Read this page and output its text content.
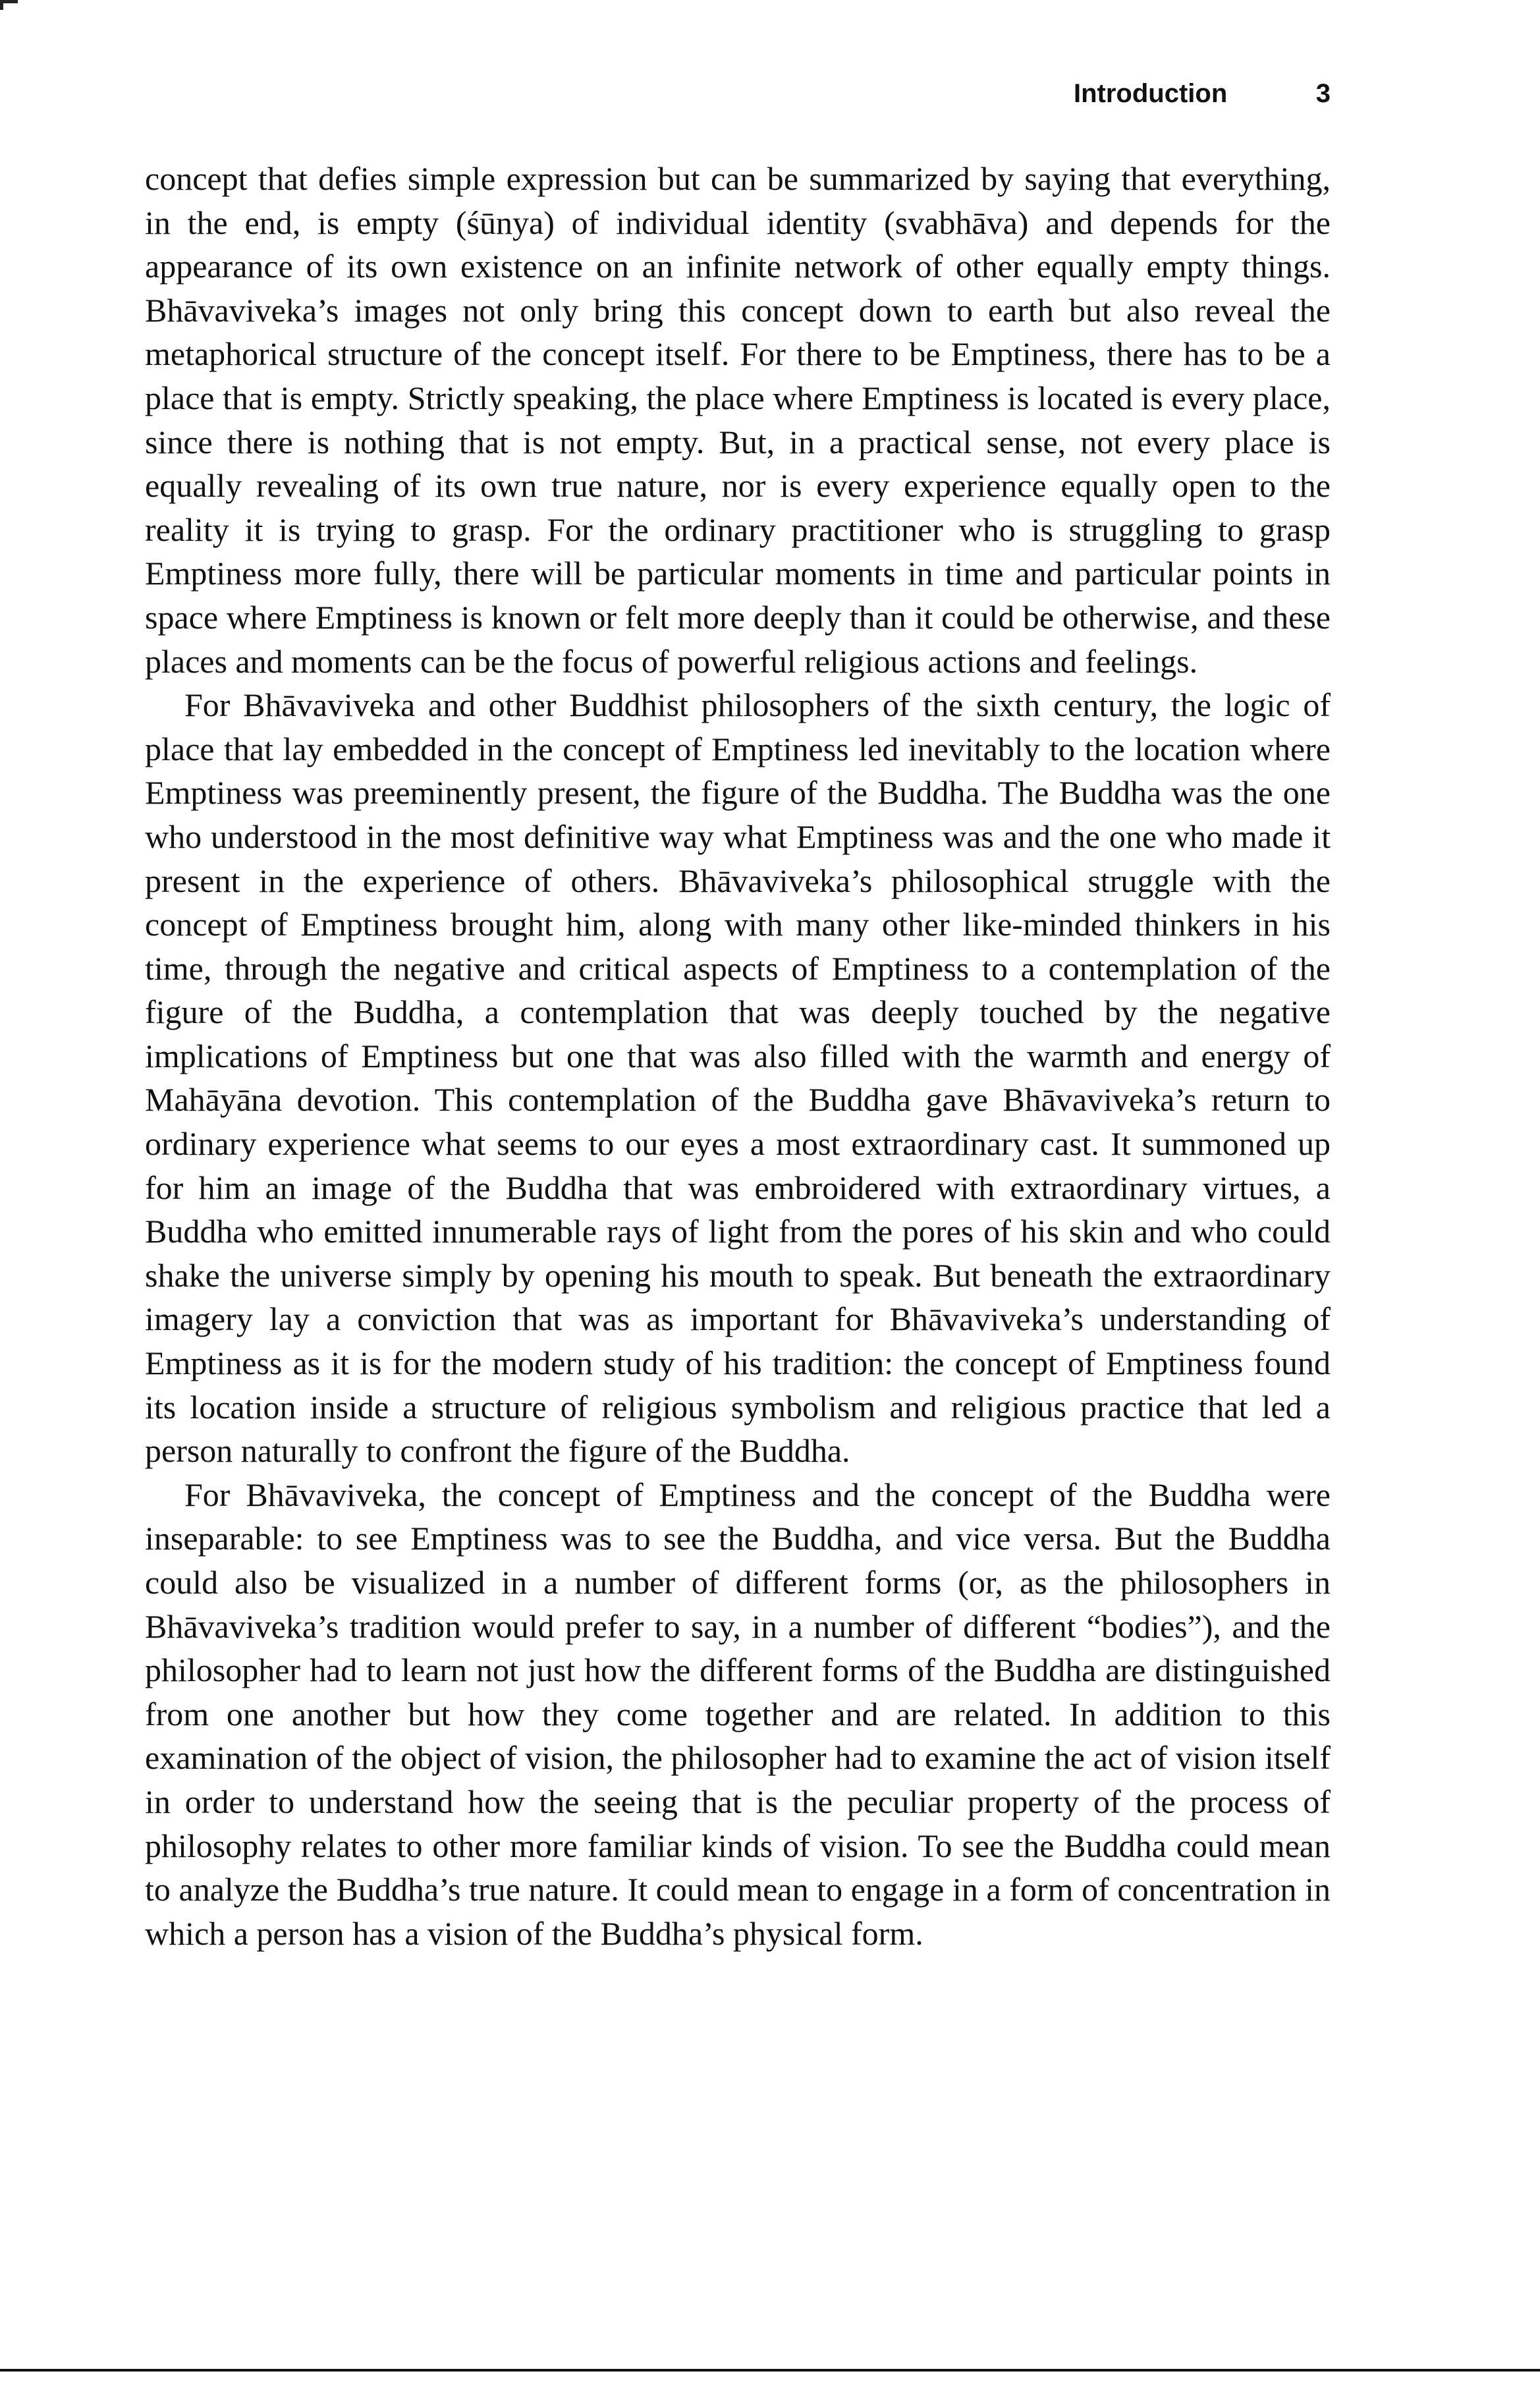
Introduction	3

concept that defies simple expression but can be summarized by saying that everything, in the end, is empty (śūnya) of individual identity (svabhāva) and depends for the appearance of its own existence on an infinite network of other equally empty things. Bhāvaviveka’s images not only bring this concept down to earth but also reveal the metaphorical structure of the concept itself. For there to be Emptiness, there has to be a place that is empty. Strictly speaking, the place where Emptiness is located is every place, since there is nothing that is not empty. But, in a practical sense, not every place is equally revealing of its own true nature, nor is every experience equally open to the reality it is trying to grasp. For the ordinary practitioner who is struggling to grasp Emptiness more fully, there will be particular moments in time and particular points in space where Emptiness is known or felt more deeply than it could be otherwise, and these places and moments can be the focus of powerful religious actions and feelings.

For Bhāvaviveka and other Buddhist philosophers of the sixth century, the logic of place that lay embedded in the concept of Emptiness led inevitably to the location where Emptiness was preeminently present, the figure of the Buddha. The Buddha was the one who understood in the most definitive way what Emptiness was and the one who made it present in the experience of others. Bhāvaviveka’s philosophical struggle with the concept of Emptiness brought him, along with many other like-minded thinkers in his time, through the negative and critical aspects of Emptiness to a contemplation of the figure of the Buddha, a contemplation that was deeply touched by the negative implications of Emptiness but one that was also filled with the warmth and energy of Mahāyāna devotion. This contemplation of the Buddha gave Bhāvaviveka’s return to ordinary experience what seems to our eyes a most extraordinary cast. It summoned up for him an image of the Buddha that was embroidered with extraordinary virtues, a Buddha who emitted innumerable rays of light from the pores of his skin and who could shake the universe simply by opening his mouth to speak. But beneath the extraordinary imagery lay a conviction that was as important for Bhāvaviveka’s understanding of Emptiness as it is for the modern study of his tradition: the concept of Emptiness found its location inside a structure of religious symbolism and religious practice that led a person naturally to confront the figure of the Buddha.

For Bhāvaviveka, the concept of Emptiness and the concept of the Buddha were inseparable: to see Emptiness was to see the Buddha, and vice versa. But the Buddha could also be visualized in a number of different forms (or, as the philosophers in Bhāvaviveka’s tradition would prefer to say, in a number of different “bodies”), and the philosopher had to learn not just how the different forms of the Buddha are distinguished from one another but how they come together and are related. In addition to this examination of the object of vision, the philosopher had to examine the act of vision itself in order to understand how the seeing that is the peculiar property of the process of philosophy relates to other more familiar kinds of vision. To see the Buddha could mean to analyze the Buddha’s true nature. It could mean to engage in a form of concentration in which a person has a vision of the Buddha’s physical form.
